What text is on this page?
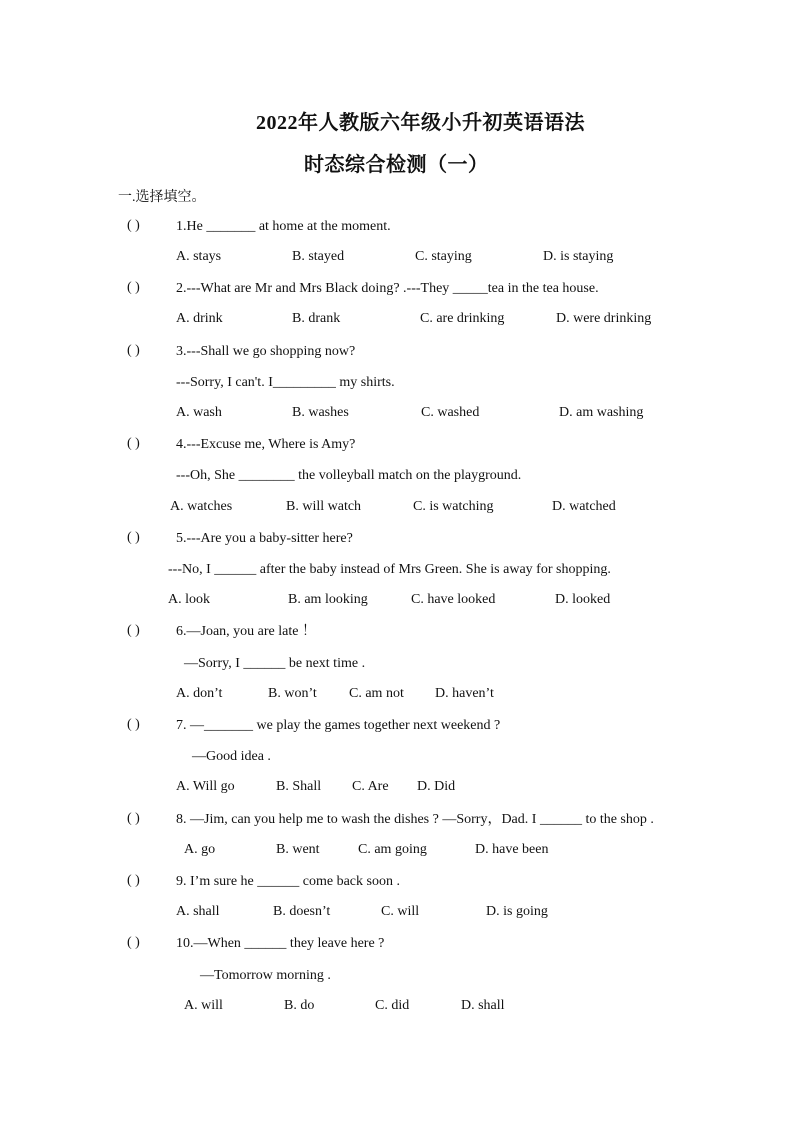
2022年人教版六年级小升初英语语法
时态综合检测（一）
一.选择填空。
( )	1.He _______ at home at the moment.
A. stays	B. stayed	C. staying	D. is staying
( )	2.---What are Mr and Mrs Black doing? .---They _____tea in the tea house.
A. drink	B. drank	C. are drinking	D. were drinking
( )	3.---Shall we go shopping now?
---Sorry, I can't. I_________ my shirts.
A. wash	B. washes	C. washed	D. am washing
( )	4.---Excuse me, Where is Amy?
---Oh, She ________ the volleyball match on the playground.
A. watches	B. will watch	C. is watching	D. watched
( )	5.---Are you a baby-sitter here?
---No, I ______ after the baby instead of Mrs Green. She is away for shopping.
A. look	B. am looking	C. have looked	D. looked
( )	6.—Joan, you are late ！
—Sorry, I ______ be next time .
A. don’t	B. won’t C. am not D. haven’t
( )	7. —_______ we play the games together next weekend ?
—Good idea .
A. Will go	B. Shall C. Are D. Did
( )	8. —Jim, can you help me to wash the dishes ? —Sorry，Dad. I ______ to the shop .
A. go	B. went	C. am going	D. have been
( )	9. I’m sure he ______ come back soon .
A. shall	B. doesn’t	C. will	D. is going
( )	10.—When ______ they leave here ?
—Tomorrow morning .
A. will	B. do	C. did	D. shall
